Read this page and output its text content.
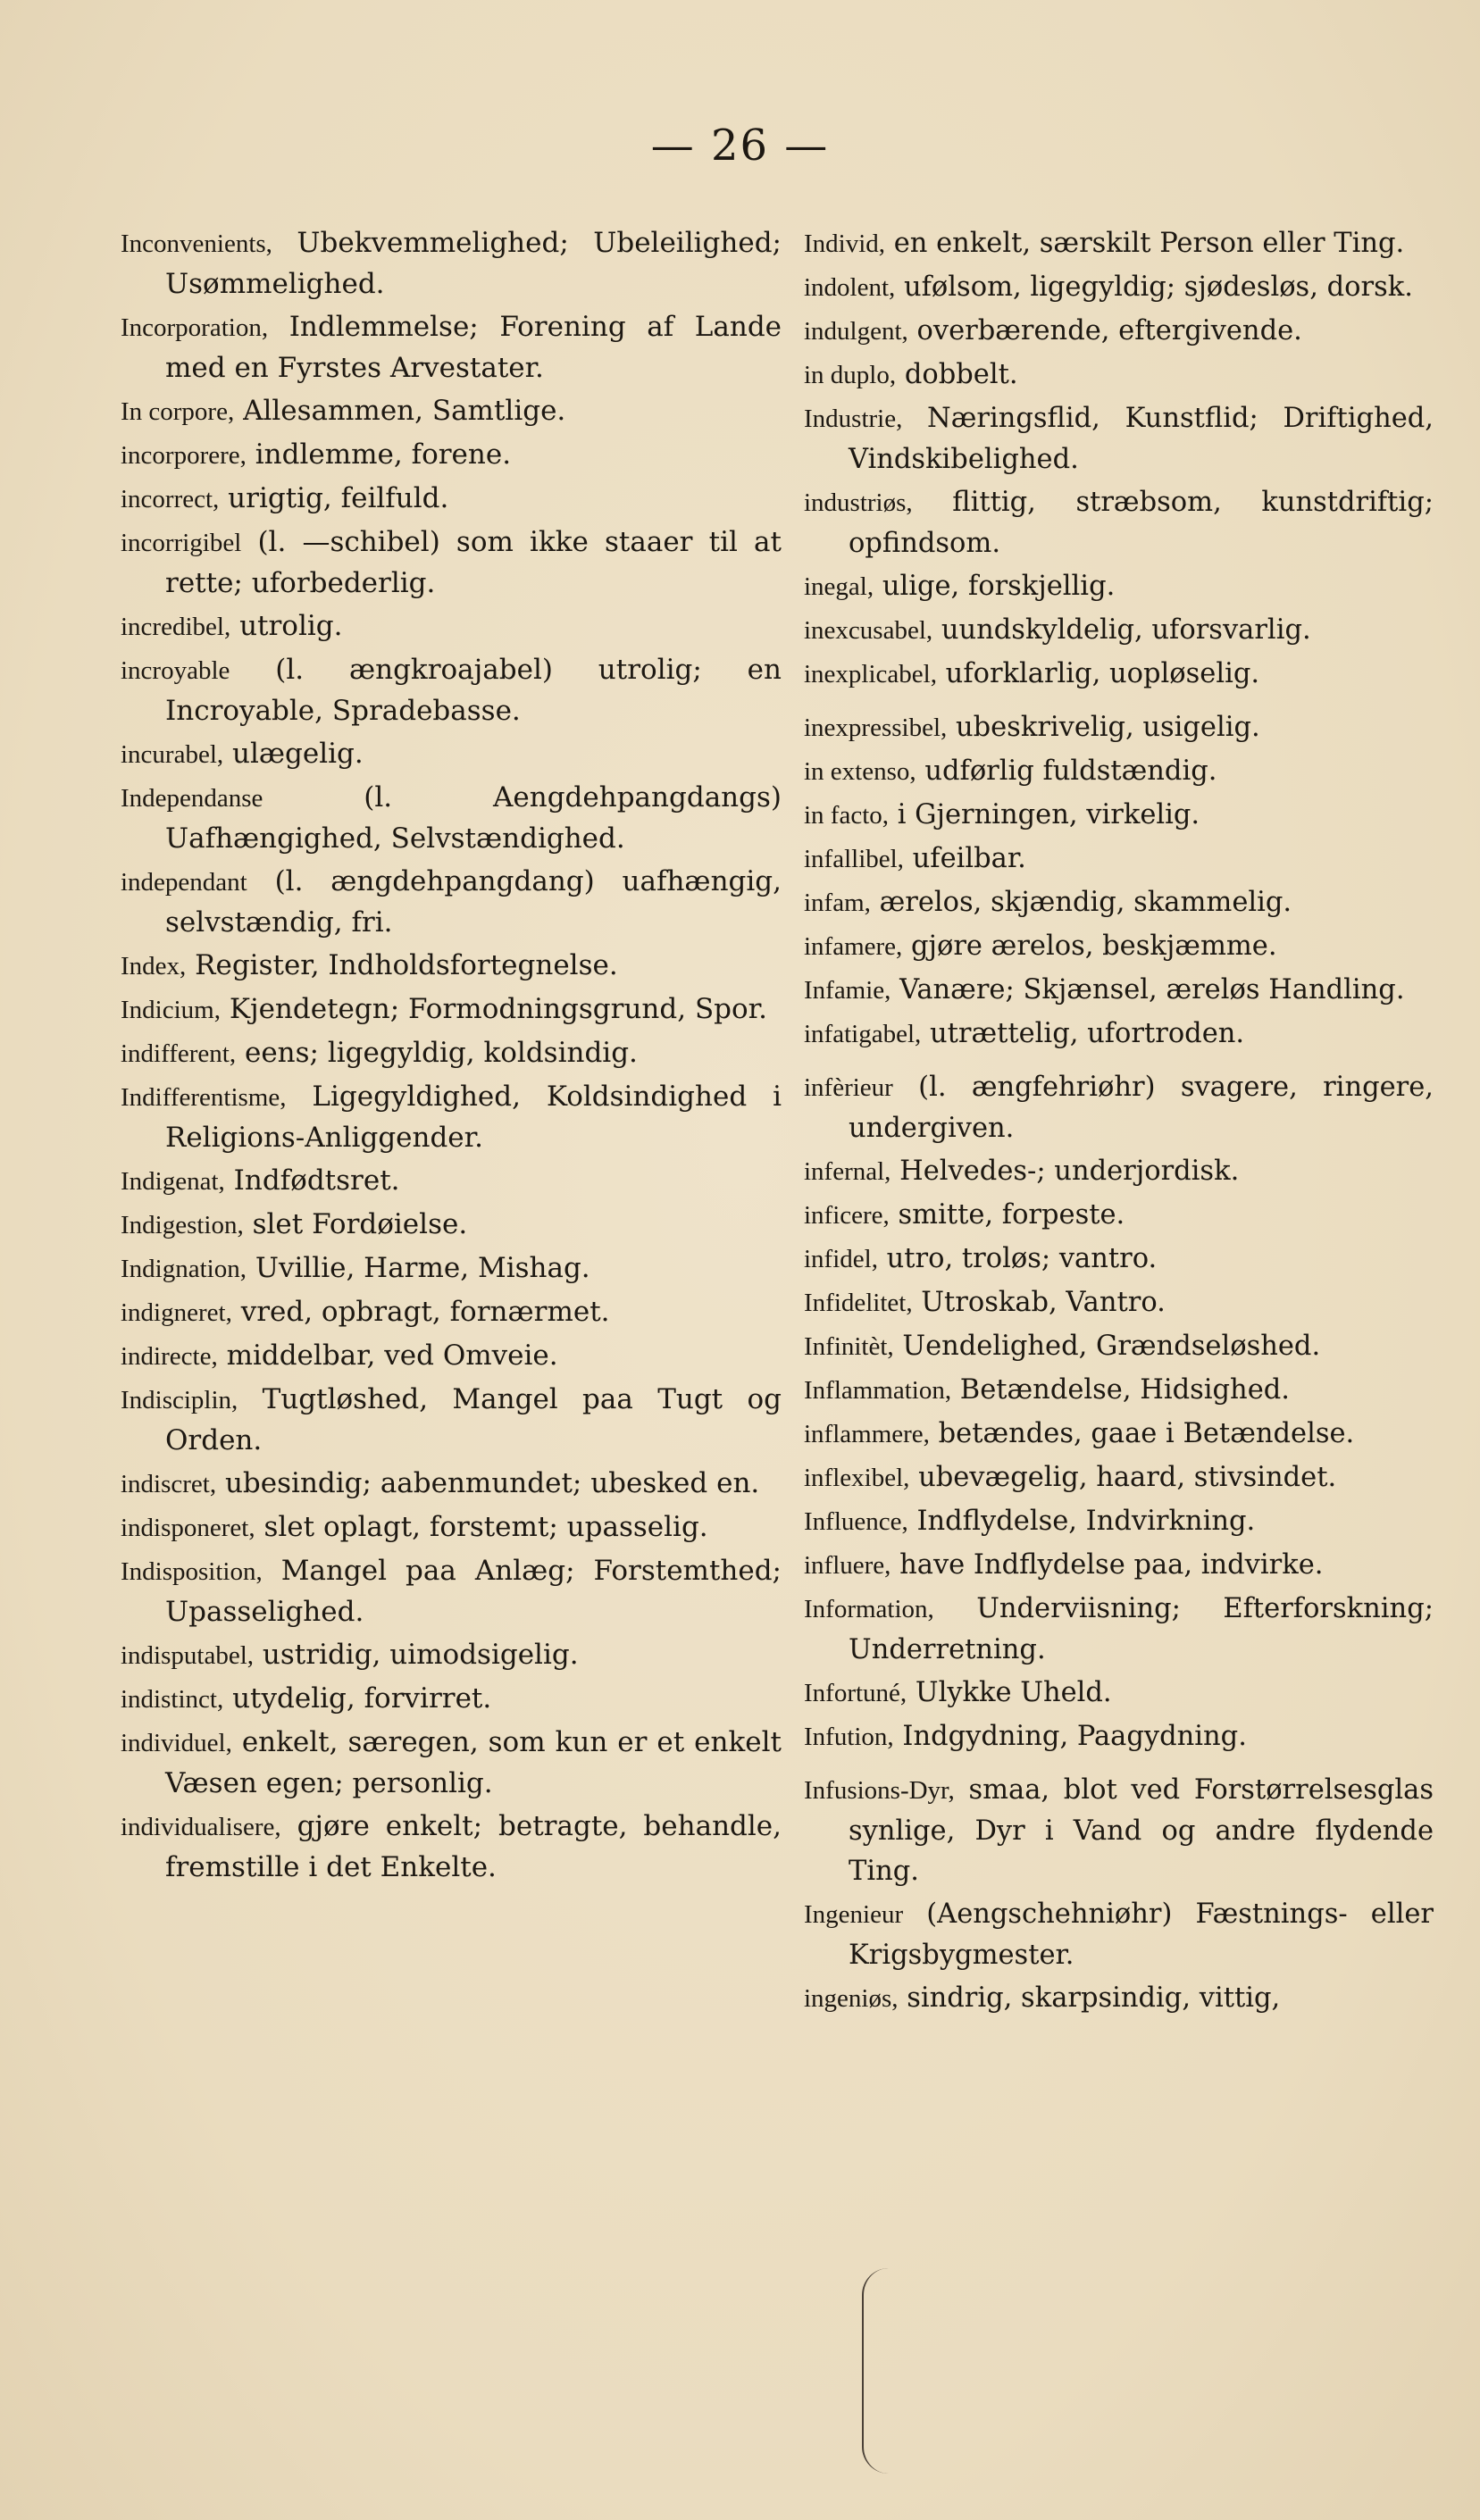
— 26 —
Inconvenients, Ubekvemmelighed; Ubeleilighed; Usømmelighed.
Incorporation, Indlemmelse; Forening af Lande med en Fyrstes Arvestater.
In corpore, Allesammen, Samtlige.
incorporere, indlemme, forene.
incorrect, urigtig, feilfuld.
incorrigibel (l. —schibel) som ikke staaer til at rette; uforbederlig.
incredibel, utrolig.
incroyable (l. ængkroajabel) utrolig; en Incroyable, Spradebasse.
incurabel, ulægelig.
Independanse	(l. Aengdehpangdangs) Uafhængighed, Selvstændighed.
independant (l. ængdehpangdang) uafhængig, selvstændig, fri.
Index, Register, Indholdsfortegnelse.
Indicium, Kjendetegn; Formodningsgrund, Spor.
indifferent, eens; ligegyldig, koldsindig.
Indifferentisme, Ligegyldighed, Koldsindighed i Religions-Anliggender.
Indigenat, Indfødtsret.
Indigestion, slet Fordøielse.
Indignation, Uvillie, Harme, Mishag.
indigneret, vred, opbragt, fornærmet.
indirecte, middelbar, ved Omveie.
Indisciplin, Tugtløshed, Mangel paa Tugt og Orden.
indiscret, ubesindig; aabenmundet; ubesked en.
indisponeret, slet oplagt, forstemt; upasselig.
Indisposition, Mangel paa Anlæg; Forstemthed; Upasselighed.
indisputabel, ustridig, uimodsigelig.
indistinct, utydelig, forvirret.
individuel, enkelt, særegen, som kun er et enkelt Væsen egen; personlig.
individualisere, gjøre enkelt; betragte, behandle, fremstille i det Enkelte.
Individ, en enkelt, særskilt Person eller Ting.
indolent, ufølsom, ligegyldig; sjødesløs, dorsk.
indulgent, overbærende, eftergivende.
in duplo, dobbelt.
Industrie, Næringsflid, Kunstflid; Driftighed, Vindskibelighed.
industriøs, flittig, stræbsom, kunstdriftig; opfindsom.
inegal, ulige, forskjellig.
inexcusabel, uundskyldelig, uforsvarlig.
inexplicabel, uforklarlig, uopløselig.
inexpressibel, ubeskrivelig, usigelig.
in extenso, udførlig fuldstændig.
in facto, i Gjerningen, virkelig.
infallibel, ufeilbar.
infam, ærelos, skjændig, skammelig.
infamere, gjøre ærelos, beskjæmme.
Infamie, Vanære; Skjænsel, æreløs Handling.
infatigabel, utrættelig, ufortroden.
infèrieur (l. ængfehriøhr) svagere, ringere, undergiven.
infernal, Helvedes-; underjordisk.
inficere, smitte, forpeste.
infidel, utro, troløs; vantro.
Infidelitet, Utroskab, Vantro.
Infinitèt, Uendelighed, Grændseløshed.
Inflammation, Betændelse, Hidsighed.
inflammere, betændes, gaae i Betændelse.
inflexibel, ubevægelig, haard, stivsindet.
Influence, Indflydelse, Indvirkning.
influere, have Indflydelse paa, indvirke.
Information, Underviisning; Efterforskning; Underretning.
Infortuné, Ulykke Uheld.
Infution, Indgydning, Paagydning.
Infusions-Dyr, smaa, blot ved Forstørrelsesglas synlige, Dyr i Vand og andre flydende Ting.
Ingenieur (Aengschehniøhr) Fæstnings- eller Krigsbygmester.
ingeniøs, sindrig, skarpsindig, vittig,
